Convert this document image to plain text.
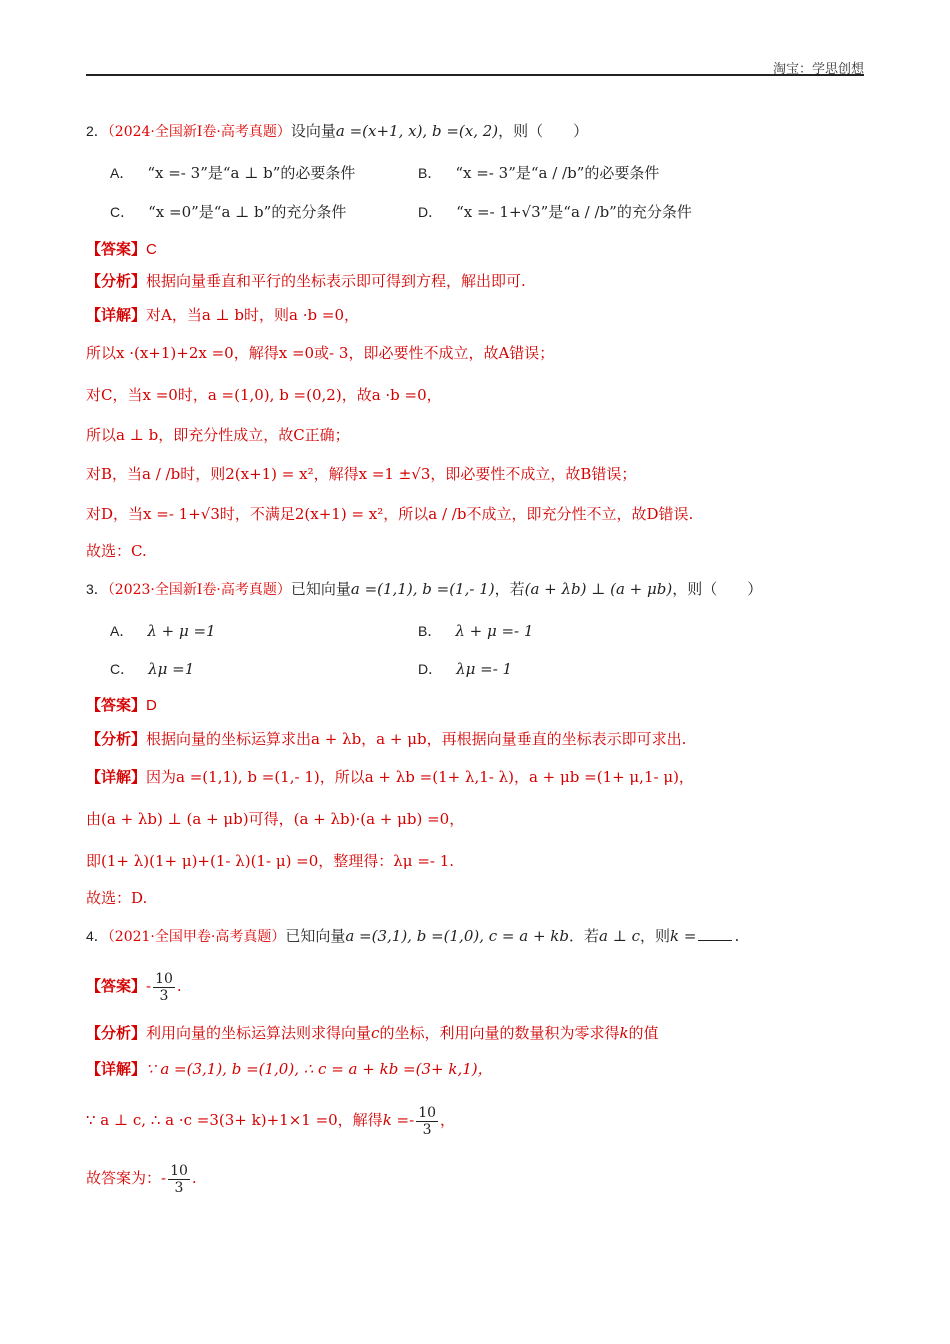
淘宝：学思创想
2．（2024·全国新Ⅰ卷·高考真题）设向量a =(x+1, x), b =(x, 2)，则（　　）
A． “x =- 3”是“a ⊥ b”的必要条件	B． “x =- 3”是“a / /b”的必要条件
C． “x =0”是“a ⊥ b”的充分条件	D． “x =- 1+√3”是“a / /b”的充分条件
【答案】C
【分析】根据向量垂直和平行的坐标表示即可得到方程，解出即可.
【详解】对A，当a ⊥ b时，则a ·b =0，
所以x ·(x+1)+2x =0，解得x =0或- 3，即必要性不成立，故A错误；
对C，当x =0时，a =(1,0), b =(0,2)，故a ·b =0，
所以a ⊥ b，即充分性成立，故C正确；
对B，当a / /b时，则2(x+1) = x²，解得x =1 ±√3，即必要性不成立，故B错误；
对D，当x =- 1+√3时，不满足2(x+1) = x²，所以a / /b不成立，即充分性不立，故D错误.
故选：C.
3．（2023·全国新Ⅰ卷·高考真题）已知向量a =(1,1), b =(1,- 1)，若(a + λb) ⊥ (a + μb)，则（　　）
A． λ + μ =1	B． λ + μ =- 1
C． λμ =1	D． λμ =- 1
【答案】D
【分析】根据向量的坐标运算求出a + λb，a + μb，再根据向量垂直的坐标表示即可求出.
【详解】因为a =(1,1), b =(1,- 1)，所以a + λb =(1+ λ,1- λ)，a + μb =(1+ μ,1- μ)，
由(a + λb) ⊥ (a + μb)可得，(a + λb)·(a + μb) =0，
即(1+ λ)(1+ μ)+(1- λ)(1- μ) =0，整理得：λμ =- 1.
故选：D.
4．（2021·全国甲卷·高考真题）已知向量a =(3,1), b =(1,0), c = a + kb．若a ⊥ c，则k =	.
【答案】- $\frac{10}{3}$ .
【分析】利用向量的坐标运算法则求得向量c的坐标，利用向量的数量积为零求得k的值
【详解】∵ a =(3,1), b =(1,0), ∴ c = a + kb =(3+ k,1)，
∵ a ⊥ c, ∴ a ·c =3(3+ k)+1×1 =0，解得$k =- \frac{10}{3}$ ，
故答案为：- $\frac{10}{3}$ .
